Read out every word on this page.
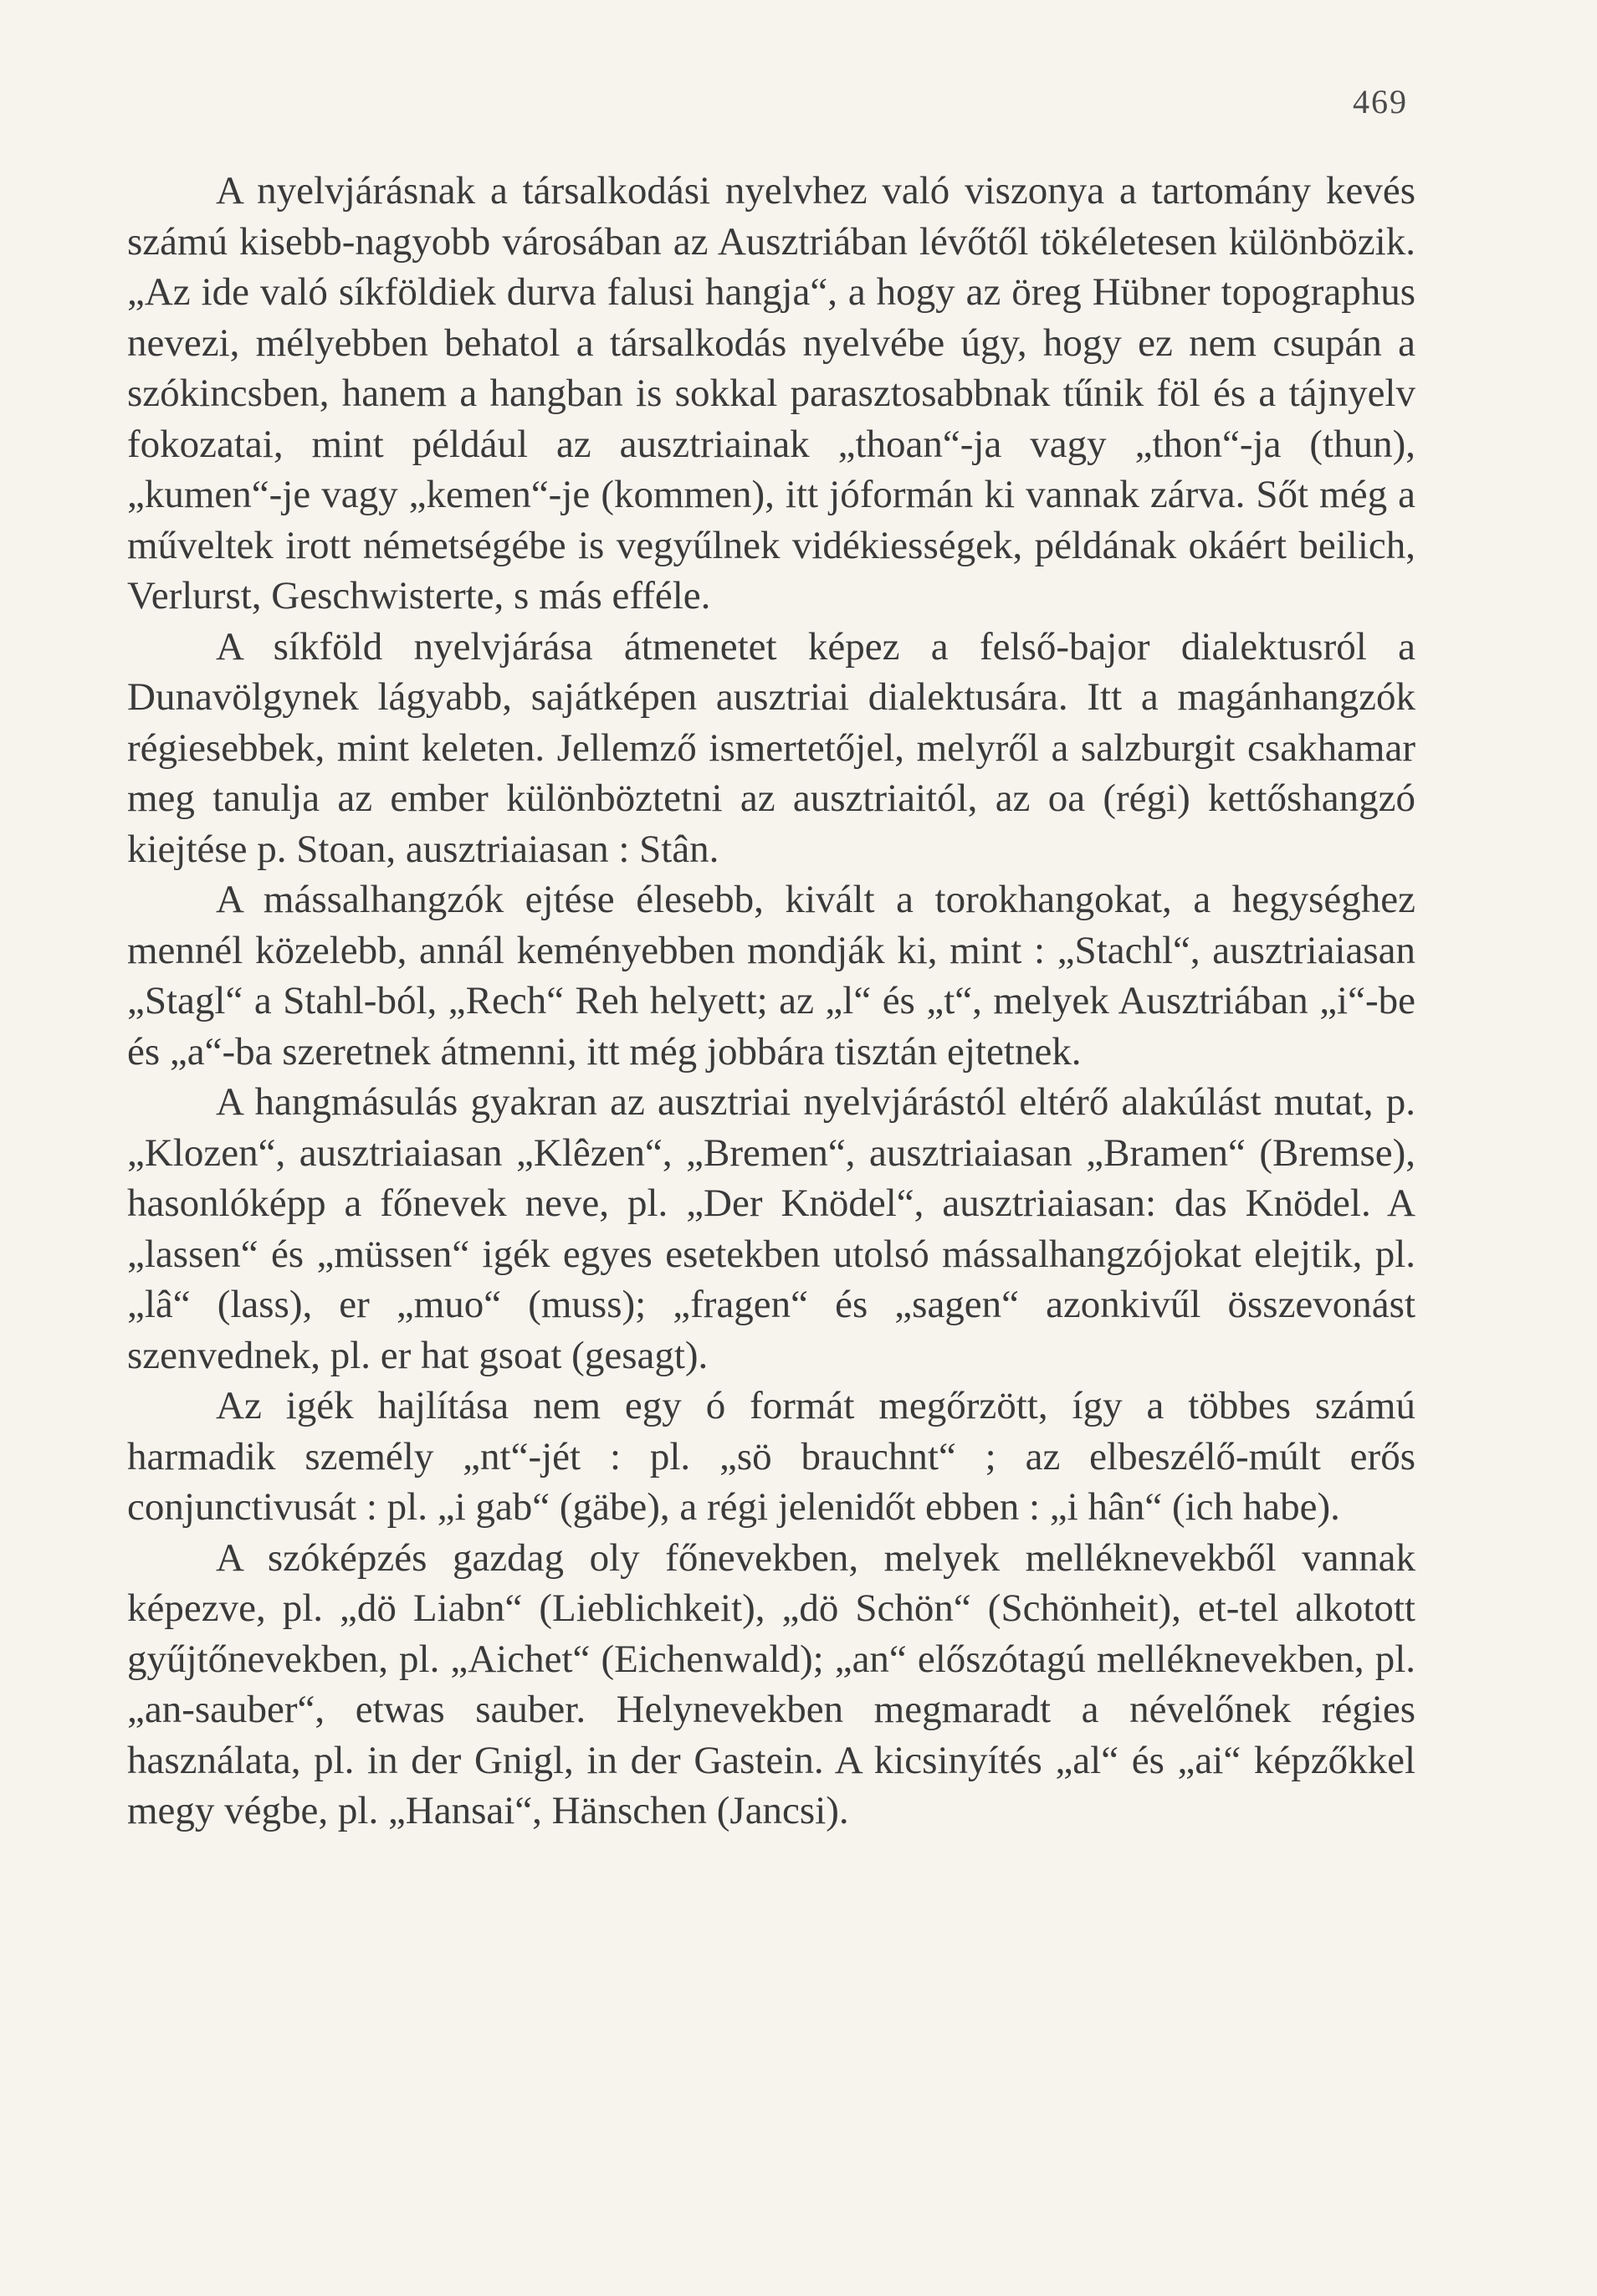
469

A nyelvjárásnak a társalkodási nyelvhez való viszonya a tartomány kevés számú kisebb-nagyobb városában az Ausztriában lévőtől tökéletesen különbözik. „Az ide való síkföldiek durva falusi hangja“, a hogy az öreg Hübner topographus nevezi, mélyebben behatol a társalkodás nyelvébe úgy, hogy ez nem csupán a szókincsben, hanem a hangban is sokkal parasztosabbnak tűnik föl és a tájnyelv fokozatai, mint például az ausztriainak „thoan“-ja vagy „thon“-ja (thun), „kumen“-je vagy „kemen“-je (kommen), itt jóformán ki vannak zárva. Sőt még a műveltek irott németségébe is vegyűlnek vidékiességek, példának okáért beilich, Verlurst, Geschwisterte, s más efféle.

A síkföld nyelvjárása átmenetet képez a felső-bajor dialektusról a Dunavölgynek lágyabb, sajátképen ausztriai dialektusára. Itt a magánhangzók régiesebbek, mint keleten. Jellemző ismertetőjel, melyről a salzburgit csakhamar meg tanulja az ember különböztetni az ausztriaitól, az oa (régi) kettőshangzó kiejtése p. Stoan, ausztriaiasan : Stân.

A mássalhangzók ejtése élesebb, kivált a torokhangokat, a hegységhez mennél közelebb, annál keményebben mondják ki, mint : „Stachl“, ausztriaiasan „Stagl“ a Stahl-ból, „Rech“ Reh helyett; az „l“ és „t“, melyek Ausztriában „i“-be és „a“-ba szeretnek átmenni, itt még jobbára tisztán ejtetnek.

A hangmásulás gyakran az ausztriai nyelvjárástól eltérő alakúlást mutat, p. „Klozen“, ausztriaiasan „Klêzen“, „Bremen“, ausztriaiasan „Bramen“ (Bremse), hasonlóképp a főnevek neve, pl. „Der Knödel“, ausztriaiasan: das Knödel. A „lassen“ és „müssen“ igék egyes esetekben utolsó mássalhangzójokat elejtik, pl. „lâ“ (lass), er „muo“ (muss); „fragen“ és „sagen“ azonkivűl összevonást szenvednek, pl. er hat gsoat (gesagt).

Az igék hajlítása nem egy ó formát megőrzött, így a többes számú harmadik személy „nt“-jét : pl. „sö brauchnt“ ; az elbeszélő-múlt erős conjunctivusát : pl. „i gab“ (gäbe), a régi jelenidőt ebben : „i hân“ (ich habe).

A szóképzés gazdag oly főnevekben, melyek melléknevekből vannak képezve, pl. „dö Liabn“ (Lieblichkeit), „dö Schön“ (Schönheit), et-tel alkotott gyűjtőnevekben, pl. „Aichet“ (Eichenwald); „an“ előszótagú melléknevekben, pl. „an-sauber“, etwas sauber. Helynevekben megmaradt a névelőnek régies használata, pl. in der Gnigl, in der Gastein. A kicsinyítés „al“ és „ai“ képzőkkel megy végbe, pl. „Hansai“, Hänschen (Jancsi).
